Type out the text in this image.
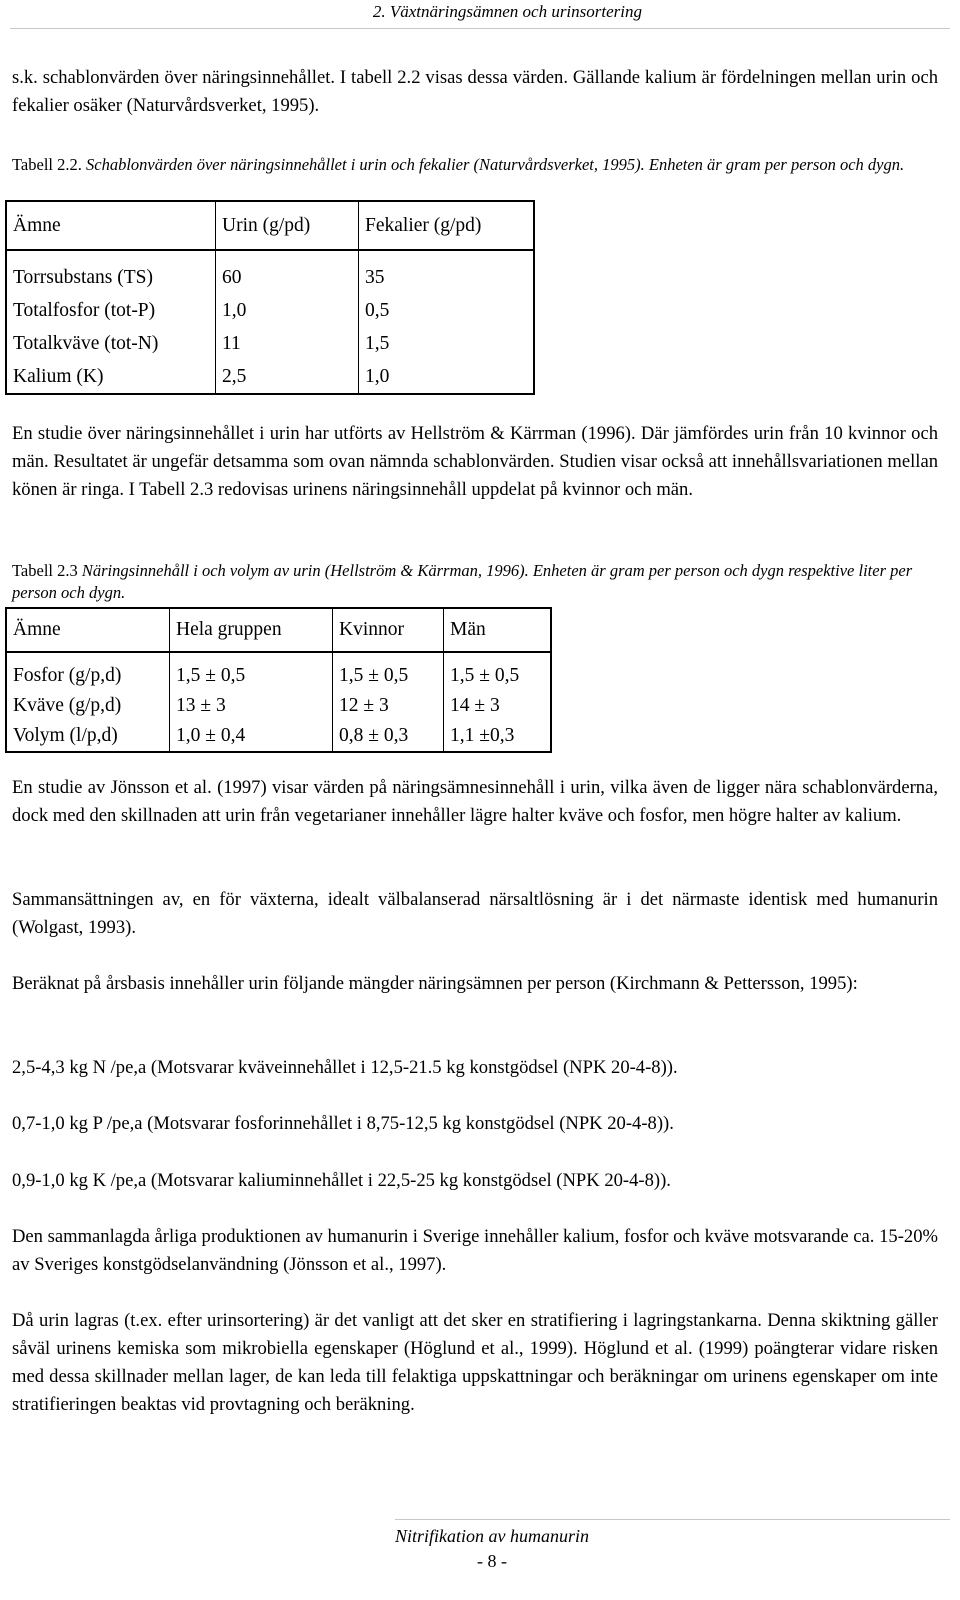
2. Växtnäringsämnen och urinsortering
s.k. schablonvärden över näringsinnehållet. I tabell 2.2 visas dessa värden. Gällande kalium är fördelningen mellan urin och fekalier osäker (Naturvårdsverket, 1995).
Tabell 2.2. Schablonvärden över näringsinnehållet i urin och fekalier (Naturvårdsverket, 1995). Enheten är gram per person och dygn.
Ämne	Urin (g/pd)	Fekalier (g/pd)
Torrsubstans (TS)	60	35
Totalfosfor (tot-P)	1,0	0,5
Totalkväve (tot-N)	11	1,5
Kalium (K)	2,5	1,0
En studie över näringsinnehållet i urin har utförts av Hellström & Kärrman (1996). Där jämfördes urin från 10 kvinnor och män. Resultatet är ungefär detsamma som ovan nämnda schablonvärden. Studien visar också att innehållsvariationen mellan könen är ringa. I Tabell 2.3 redovisas urinens näringsinnehåll uppdelat på kvinnor och män.
Tabell 2.3 Näringsinnehåll i och volym av urin (Hellström & Kärrman, 1996). Enheten är gram per person och dygn respektive liter per person och dygn.
Ämne	Hela gruppen	Kvinnor	Män
Fosfor (g/p,d)	1,5 ± 0,5	1,5 ± 0,5	1,5 ± 0,5
Kväve (g/p,d)	13 ± 3	12 ± 3	14 ± 3
Volym (l/p,d)	1,0 ± 0,4	0,8 ± 0,3	1,1 ±0,3
En studie av Jönsson et al. (1997) visar värden på näringsämnesinnehåll i urin, vilka även de ligger nära schablonvärderna, dock med den skillnaden att urin från vegetarianer innehåller lägre halter kväve och fosfor, men högre halter av kalium.
Sammansättningen av, en för växterna, idealt välbalanserad närsaltlösning är i det närmaste identisk med humanurin (Wolgast, 1993).
Beräknat på årsbasis innehåller urin följande mängder näringsämnen per person (Kirchmann & Pettersson, 1995):
2,5-4,3 kg N /pe,a (Motsvarar kväveinnehållet i 12,5-21.5 kg konstgödsel (NPK 20-4-8)).
0,7-1,0 kg P /pe,a (Motsvarar fosforinnehållet i 8,75-12,5 kg konstgödsel (NPK 20-4-8)).
0,9-1,0 kg K /pe,a (Motsvarar kaliuminnehållet i 22,5-25 kg konstgödsel (NPK 20-4-8)).
Den sammanlagda årliga produktionen av humanurin i Sverige innehåller kalium, fosfor och kväve motsvarande ca. 15-20% av Sveriges konstgödselanvändning (Jönsson et al., 1997).
Då urin lagras (t.ex. efter urinsortering) är det vanligt att det sker en stratifiering i lagringstankarna. Denna skiktning gäller såväl urinens kemiska som mikrobiella egenskaper (Höglund et al., 1999). Höglund et al. (1999) poängterar vidare risken med dessa skillnader mellan lager, de kan leda till felaktiga uppskattningar och beräkningar om urinens egenskaper om inte stratifieringen beaktas vid provtagning och beräkning.
Nitrifikation av humanurin
- 8 -
